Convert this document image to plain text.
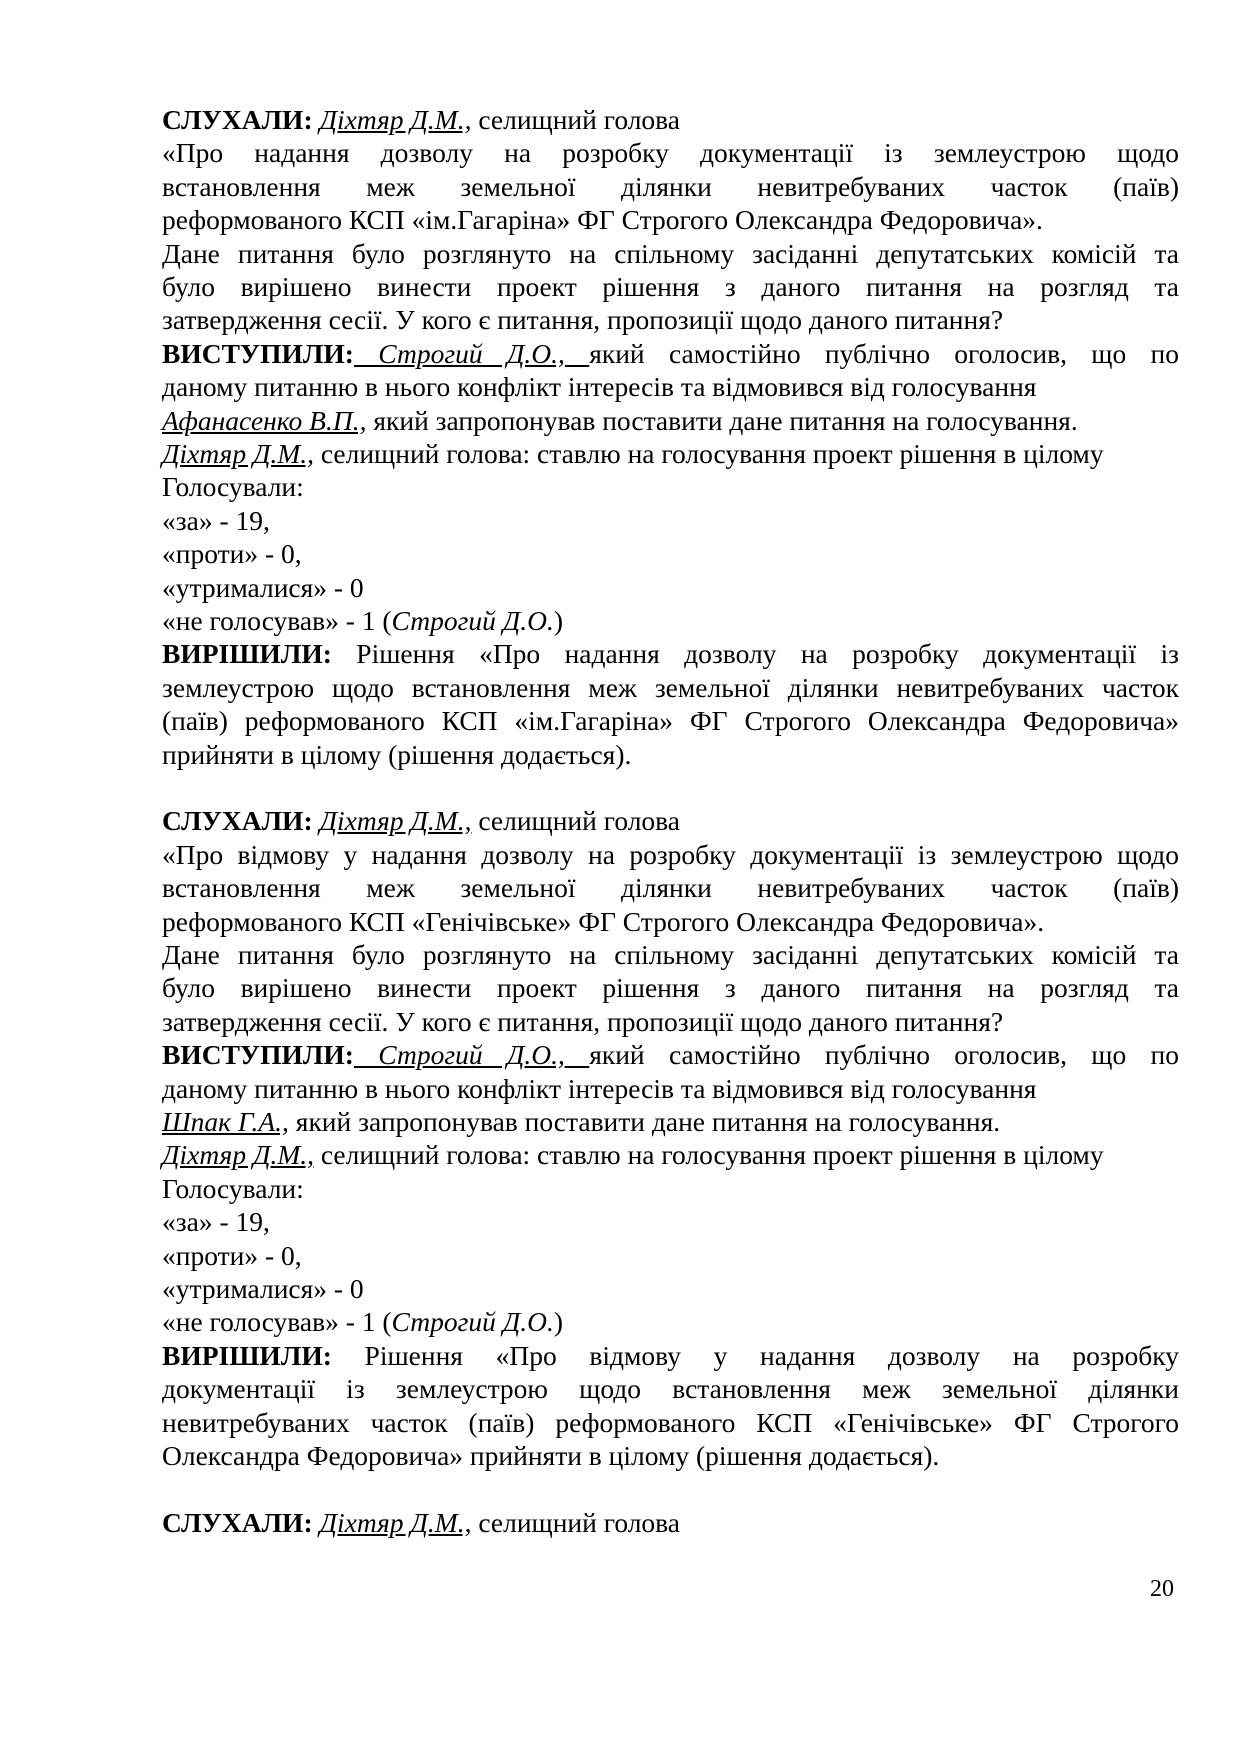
СЛУХАЛИ: Діхтяр Д.М., селищний голова

«Про надання дозволу на розробку документації із землеустрою щодо

встановлення меж земельної ділянки невитребуваних часток (паїв)

реформованого КСП «ім.Гагаріна» ФГ Строгого Олександра Федоровича».

Дане питання було розглянуто на спільному засіданні депутатських комісій та

було вирішено винести проект рішення з даного питання на розгляд та

затвердження сесії. У кого є питання, пропозиції щодо даного питання?

ВИСТУПИЛИ: Строгий Д.О., який самостійно публічно оголосив, що по

даному питанню в нього конфлікт інтересів та відмовився від голосування

Афанасенко В.П., який запропонував поставити дане питання на голосування.

Діхтяр Д.М., селищний голова: ставлю на голосування проект рішення в цілому

Голосували:

«за» - 19,

«проти» - 0,

«утрималися» - 0

«не голосував» - 1 (Строгий Д.О.)

ВИРІШИЛИ: Рішення «Про надання дозволу на розробку документації із

землеустрою щодо встановлення меж земельної ділянки невитребуваних часток

(паїв) реформованого КСП «ім.Гагаріна» ФГ Строгого Олександра Федоровича»

прийняти в цілому (рішення додається).

СЛУХАЛИ: Діхтяр Д.М., селищний голова

«Про відмову у надання дозволу на розробку документації із землеустрою щодо

встановлення меж земельної ділянки невитребуваних часток (паїв)

реформованого КСП «Генічівське» ФГ Строгого Олександра Федоровича».

Дане питання було розглянуто на спільному засіданні депутатських комісій та

було вирішено винести проект рішення з даного питання на розгляд та

затвердження сесії. У кого є питання, пропозиції щодо даного питання?

ВИСТУПИЛИ: Строгий Д.О., який самостійно публічно оголосив, що по

даному питанню в нього конфлікт інтересів та відмовився від голосування

Шпак Г.А., який запропонував поставити дане питання на голосування.

Діхтяр Д.М., селищний голова: ставлю на голосування проект рішення в цілому

Голосували:

«за» - 19,

«проти» - 0,

«утрималися» - 0

«не голосував» - 1 (Строгий Д.О.)

ВИРІШИЛИ: Рішення «Про відмову у надання дозволу на розробку

документації із землеустрою щодо встановлення меж земельної ділянки

невитребуваних часток (паїв) реформованого КСП «Генічівське» ФГ Строгого

Олександра Федоровича» прийняти в цілому (рішення додається).

СЛУХАЛИ: Діхтяр Д.М., селищний голова

20
